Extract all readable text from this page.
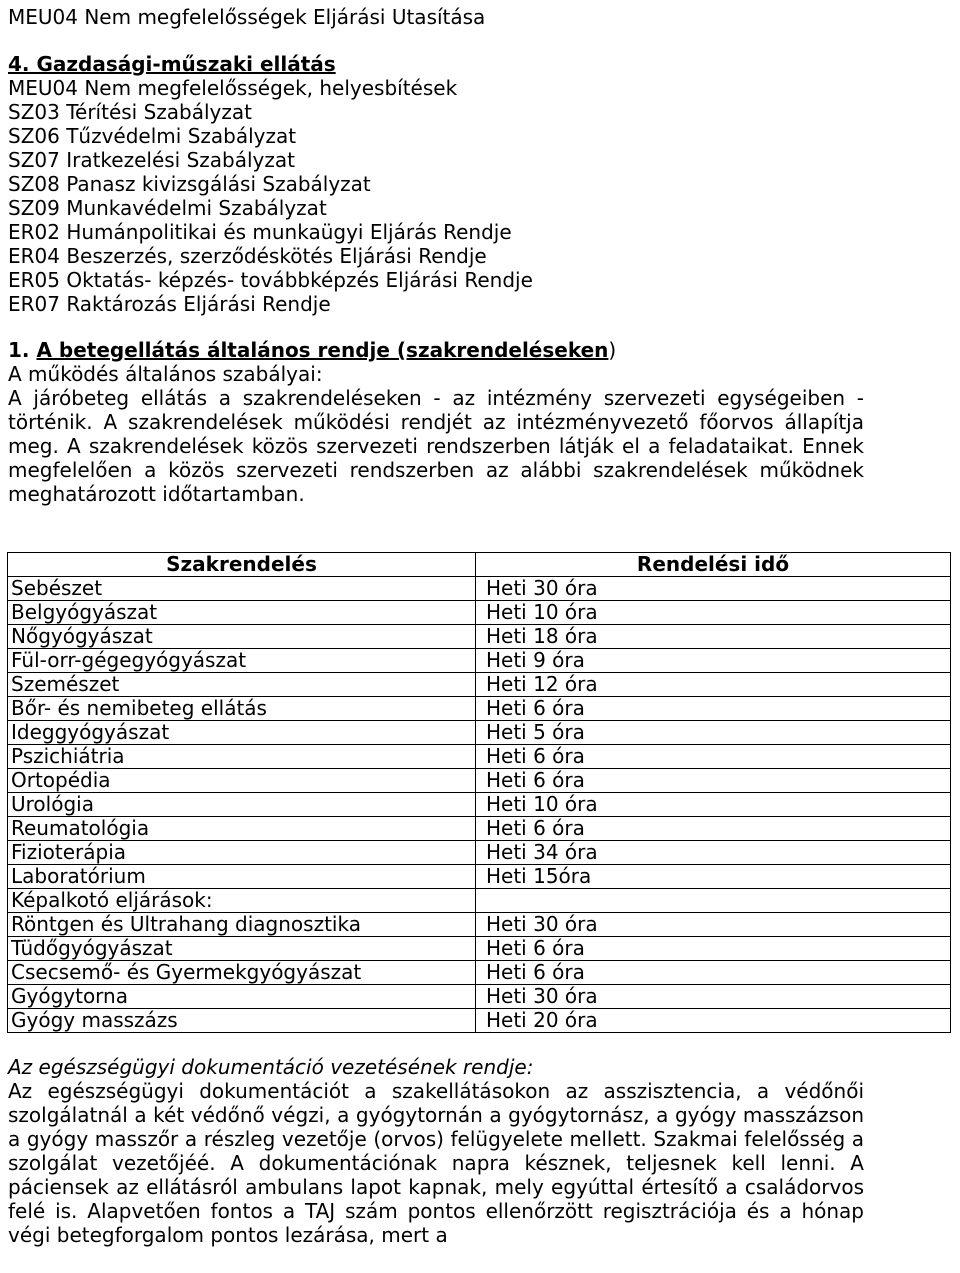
MEU04 Nem megfelelősségek Eljárási Utasítása
4. Gazdasági-műszaki ellátás
MEU04 Nem megfelelősségek, helyesbítések
SZ03 Térítési Szabályzat
SZ06 Tűzvédelmi Szabályzat
SZ07 Iratkezelési Szabályzat
SZ08 Panasz kivizsgálási Szabályzat
SZ09 Munkavédelmi Szabályzat
ER02 Humánpolitikai és munkaügyi Eljárás Rendje
ER04 Beszerzés, szerződéskötés Eljárási Rendje
ER05 Oktatás- képzés- továbbképzés Eljárási Rendje
ER07 Raktározás Eljárási Rendje
1. A betegellátás általános rendje (szakrendeléseken)
A működés általános szabályai:
A járóbeteg ellátás a szakrendeléseken - az intézmény szervezeti egységeiben - történik. A szakrendelések működési rendjét az intézményvezető főorvos állapítja meg. A szakrendelések közös szervezeti rendszerben látják el a feladataikat. Ennek megfelelően a közös szervezeti rendszerben az alábbi szakrendelések működnek meghatározott időtartamban.
Szakrendelés	Rendelési idő
Sebészet	Heti 30 óra
Belgyógyászat	Heti 10 óra
Nőgyógyászat	Heti 18 óra
Fül-orr-gégegyógyászat	Heti 9 óra
Szemészet	Heti 12 óra
Bőr- és nemibeteg ellátás	Heti 6 óra
Ideggyógyászat	Heti 5 óra
Pszichiátria	Heti 6 óra
Ortopédia	Heti 6 óra
Urológia	Heti 10 óra
Reumatológia	Heti 6 óra
Fizioterápia	Heti 34 óra
Laboratórium	Heti 15óra
Képalkotó eljárások:	
Röntgen és Ultrahang diagnosztika	Heti 30 óra
Tüdőgyógyászat	Heti 6 óra
Csecsemő- és Gyermekgyógyászat	Heti 6 óra
Gyógytorna	Heti 30 óra
Gyógy masszázs	Heti 20 óra
Az egészségügyi dokumentáció vezetésének rendje:
Az egészségügyi dokumentációt a szakellátásokon az asszisztencia, a védőnői szolgálatnál a két védőnő végzi, a gyógytornán a gyógytornász, a gyógy masszázson a gyógy masszőr a részleg vezetője (orvos) felügyelete mellett. Szakmai felelősség a szolgálat vezetőjéé. A dokumentációnak napra késznek, teljesnek kell lenni. A páciensek az ellátásról ambulans lapot kapnak, mely egyúttal értesítő a családorvos felé is. Alapvetően fontos a TAJ szám pontos ellenőrzött regisztrációja és a hónap végi betegforgalom pontos lezárása, mert a
